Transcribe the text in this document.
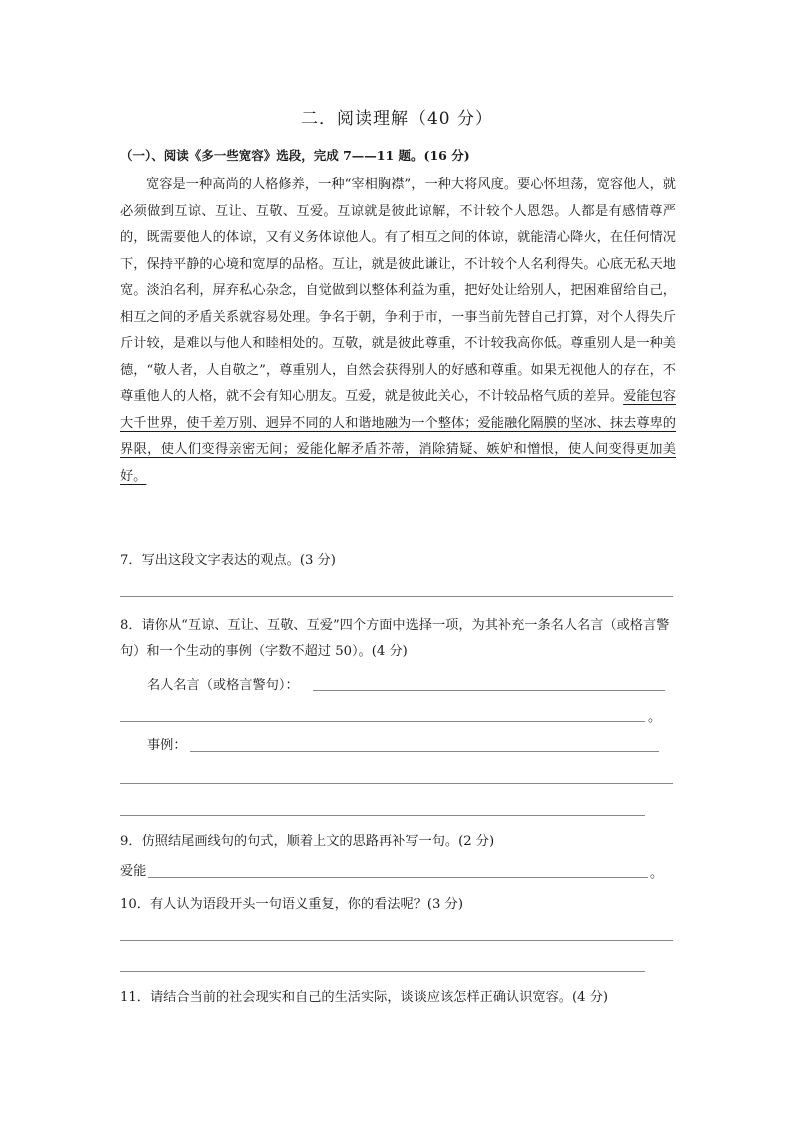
二．阅读理解（40 分）
（一）、阅读《多一些宽容》选段，完成 7——11 题。(16 分)

宽容是一种高尚的人格修养，一种“宰相胸襟”，一种大将风度。要心怀坦荡，宽容他人，就必须做到互谅、互让、互敬、互爱。互谅就是彼此谅解，不计较个人恩怨。人都是有感情尊严的，既需要他人的体谅，又有义务体谅他人。有了相互之间的体谅，就能清心降火，在任何情况下，保持平静的心境和宽厚的品格。互让，就是彼此谦让，不计较个人名利得失。心底无私天地宽。淡泊名利，屏弃私心杂念，自觉做到以整体利益为重，把好处让给别人，把困难留给自己，相互之间的矛盾关系就容易处理。争名于朝，争利于市，一事当前先替自己打算，对个人得失斤斤计较，是难以与他人和睦相处的。互敬，就是彼此尊重，不计较我高你低。尊重别人是一种美德，“敬人者，人自敬之”，尊重别人，自然会获得别人的好感和尊重。如果无视他人的存在，不尊重他人的人格，就不会有知心朋友。互爱，就是彼此关心，不计较品格气质的差异。爱能包容大千世界，使千差万别、迥异不同的人和谐地融为一个整体；爱能融化隔膜的坚冰、抹去尊卑的界限，使人们变得亲密无间；爱能化解矛盾芥蒂，消除猜疑、嫉妒和憎恨，使人间变得更加美好。

7．写出这段文字表达的观点。(3 分)
8．请你从“互谅、互让、互敬、互爱”四个方面中选择一项，为其补充一条名人名言（或格言警句）和一个生动的事例（字数不超过 50）。(4 分)
名人名言（或格言警句）：
。
事例：
9．仿照结尾画线句的句式，顺着上文的思路再补写一句。(2 分)
爱能	。
10．有人认为语段开头一句语义重复，你的看法呢？(3 分)
11．请结合当前的社会现实和自己的生活实际，谈谈应该怎样正确认识宽容。(4 分)
